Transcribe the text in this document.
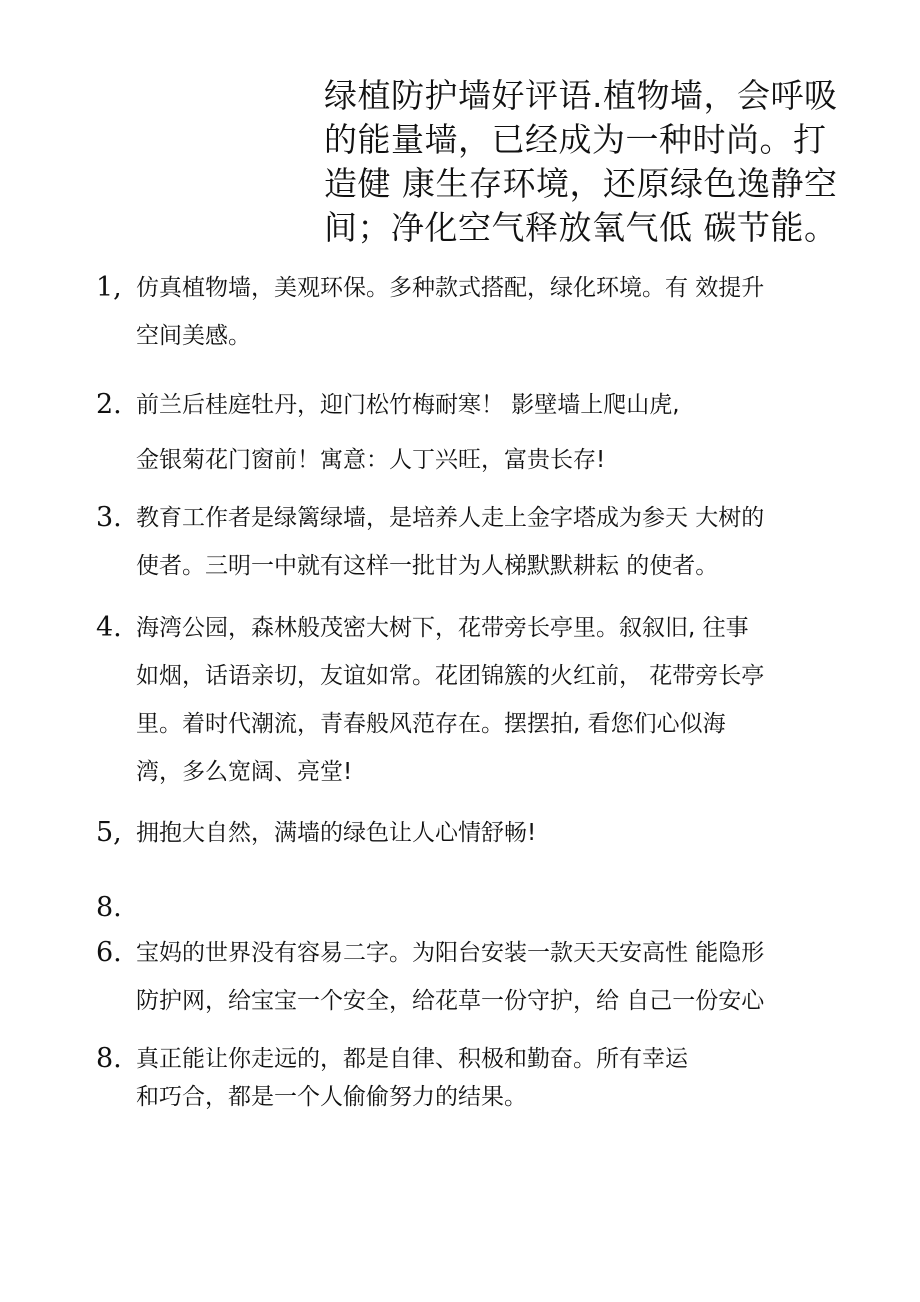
绿植防护墙好评语.植物墙，会呼吸
的能量墙，已经成为一种时尚。打
造健 康生存环境，还原绿色逸静空
间；净化空气释放氧气低 碳节能。
1, 仿真植物墙，美观环保。多种款式搭配，绿化环境。有 效提升
空间美感。
2. 前兰后桂庭牡丹，迎门松竹梅耐寒！ 影壁墙上爬山虎,
金银菊花门窗前！寓意：人丁兴旺，富贵长存!
3. 教育工作者是绿篱绿墙，是培养人走上金字塔成为参天 大树的
使者。三明一中就有这样一批甘为人梯默默耕耘 的使者。
4. 海湾公园，森林般茂密大树下，花带旁长亭里。叙叙旧, 往事
如烟，话语亲切，友谊如常。花团锦簇的火红前， 花带旁长亭
里。着时代潮流，青春般风范存在。摆摆拍, 看您们心似海
湾，多么宽阔、亮堂!
5, 拥抱大自然，满墙的绿色让人心情舒畅!
8.
6. 宝妈的世界没有容易二字。为阳台安装一款天天安高性 能隐形
防护网，给宝宝一个安全，给花草一份守护，给 自己一份安心
8. 真正能让你走远的，都是自律、积极和勤奋。所有幸运
和巧合，都是一个人偷偷努力的结果。
